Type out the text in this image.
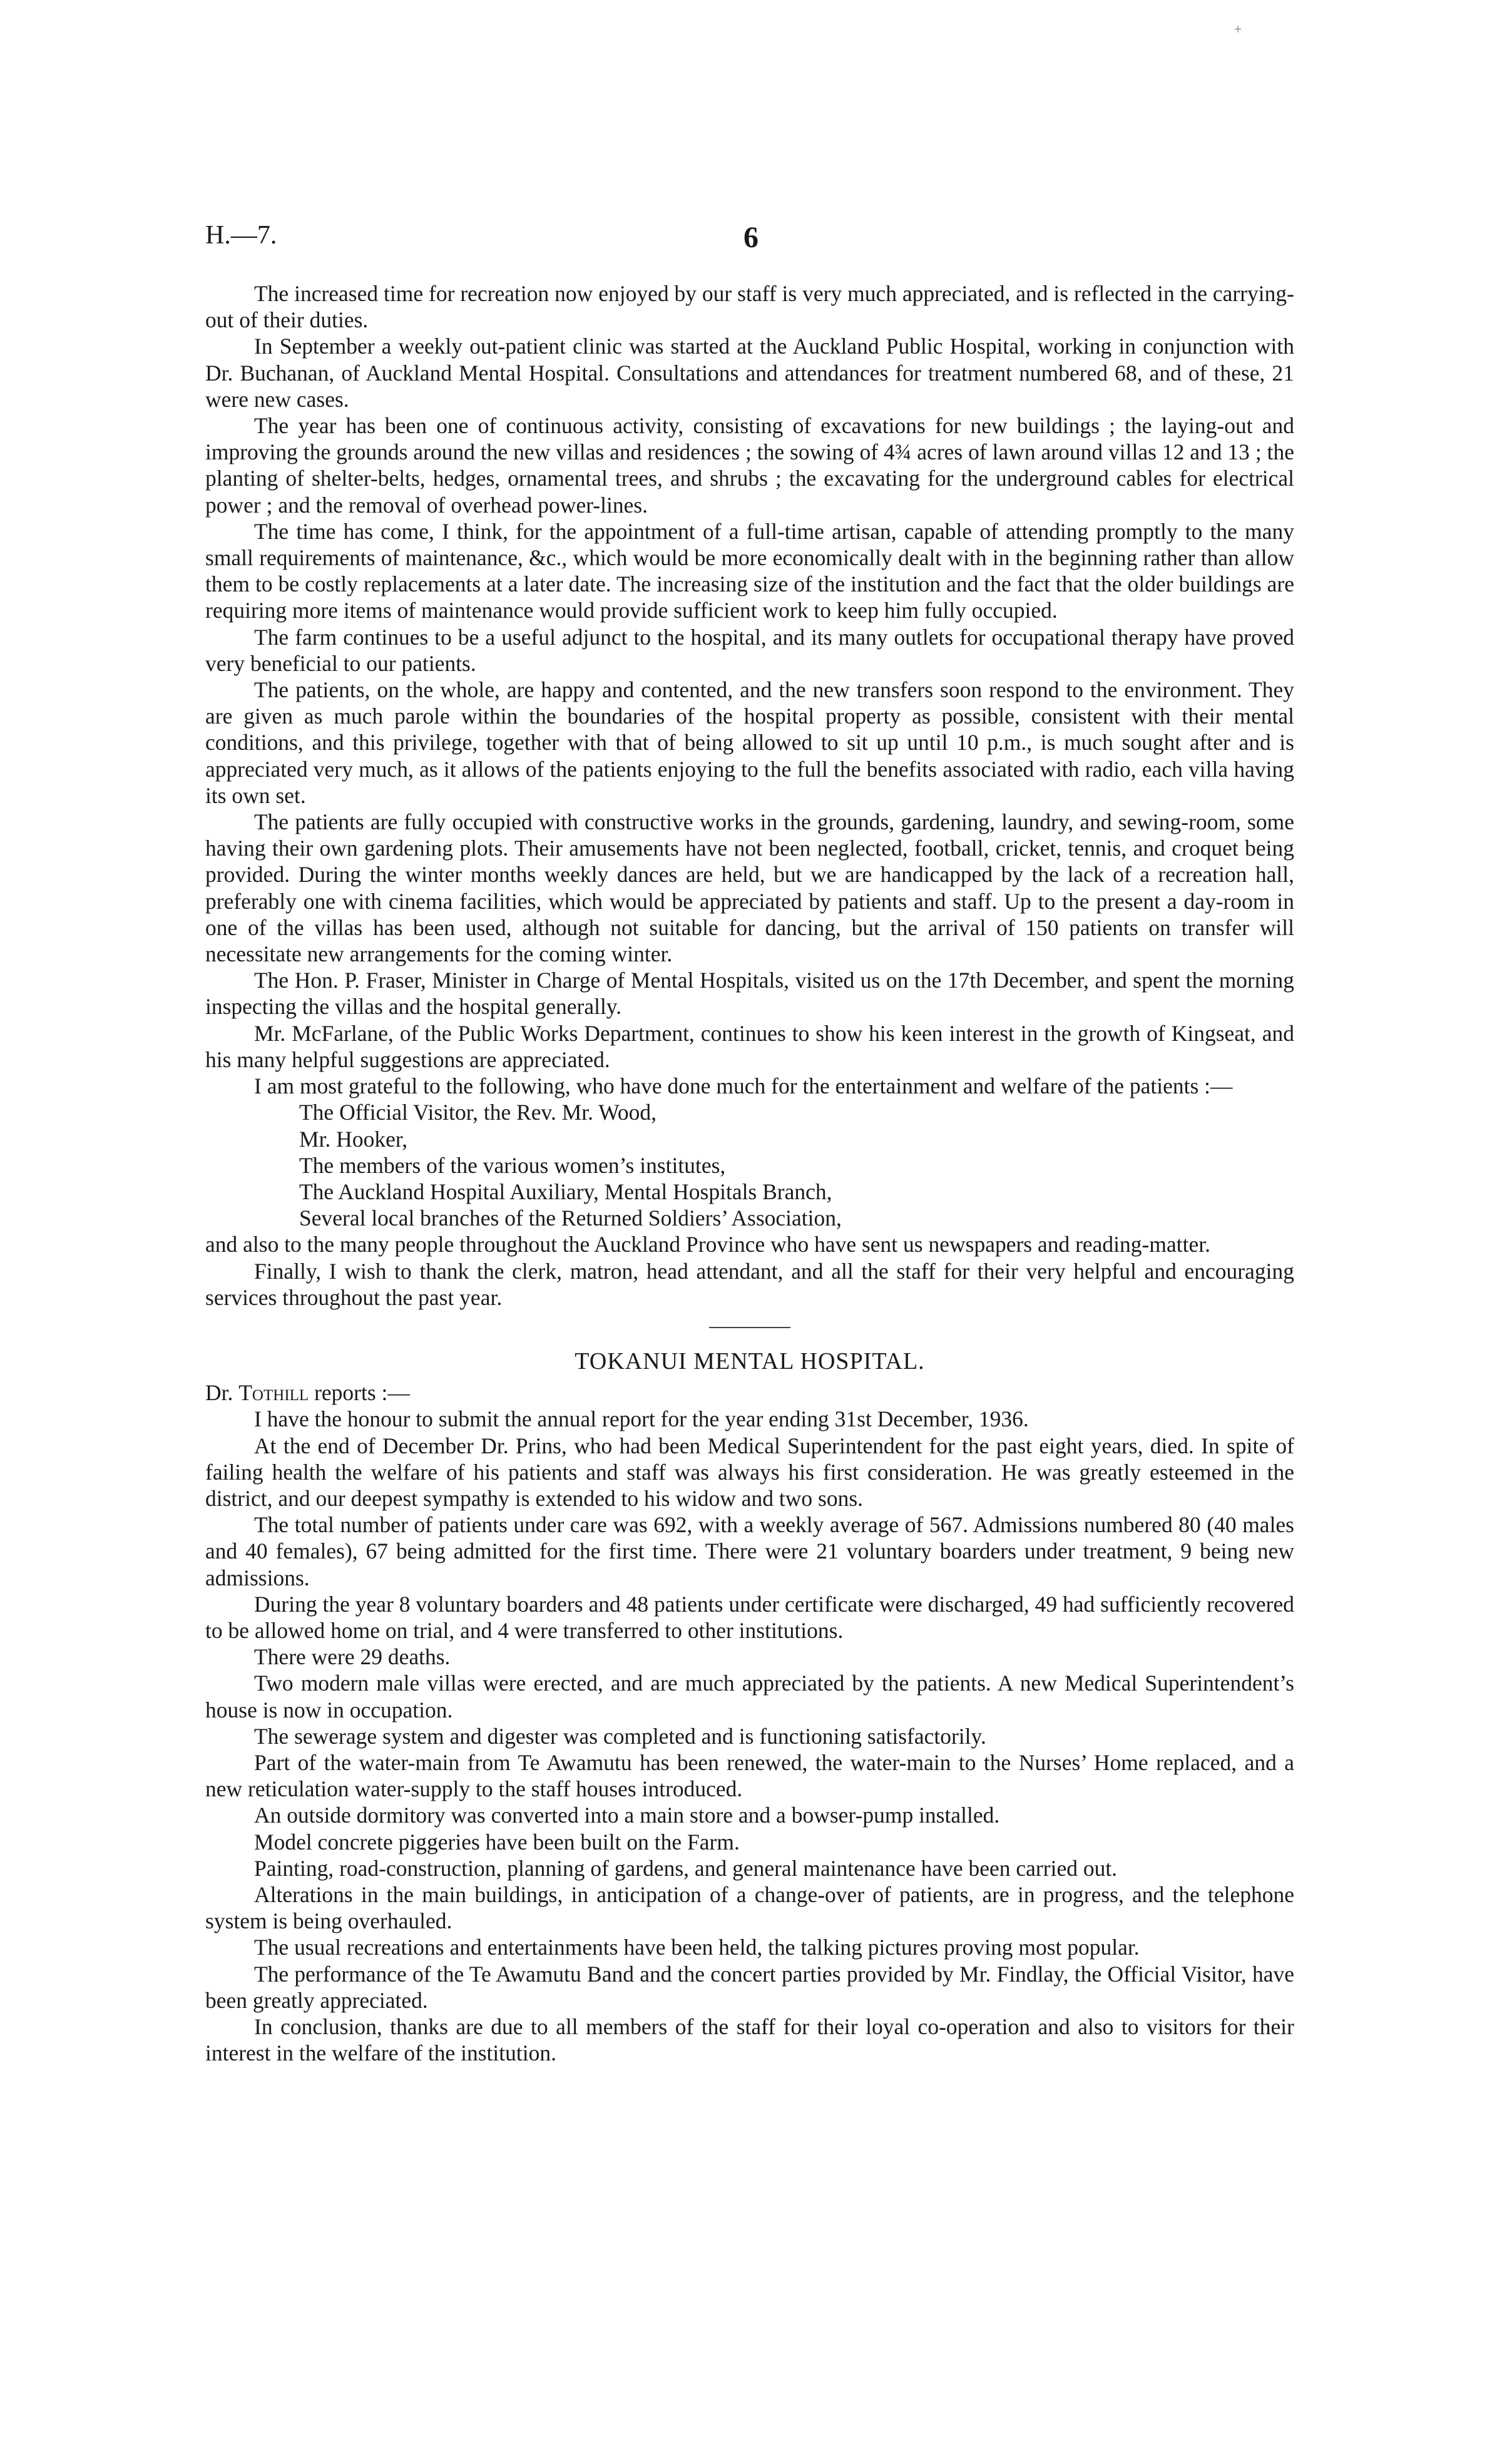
+
H.—7.	6

The increased time for recreation now enjoyed by our staff is very much appreciated, and is reflected in the carrying-out of their duties.

In September a weekly out-patient clinic was started at the Auckland Public Hospital, working in conjunction with Dr. Buchanan, of Auckland Mental Hospital. Consultations and attendances for treatment numbered 68, and of these, 21 were new cases.

The year has been one of continuous activity, consisting of excavations for new buildings ; the laying-out and improving the grounds around the new villas and residences ; the sowing of 4¾ acres of lawn around villas 12 and 13 ; the planting of shelter-belts, hedges, ornamental trees, and shrubs ; the excavating for the underground cables for electrical power ; and the removal of overhead power-lines.

The time has come, I think, for the appointment of a full-time artisan, capable of attending promptly to the many small requirements of maintenance, &c., which would be more economically dealt with in the beginning rather than allow them to be costly replacements at a later date. The increasing size of the institution and the fact that the older buildings are requiring more items of maintenance would provide sufficient work to keep him fully occupied.

The farm continues to be a useful adjunct to the hospital, and its many outlets for occupational therapy have proved very beneficial to our patients.

The patients, on the whole, are happy and contented, and the new transfers soon respond to the environment. They are given as much parole within the boundaries of the hospital property as possible, consistent with their mental conditions, and this privilege, together with that of being allowed to sit up until 10 p.m., is much sought after and is appreciated very much, as it allows of the patients enjoying to the full the benefits associated with radio, each villa having its own set.

The patients are fully occupied with constructive works in the grounds, gardening, laundry, and sewing-room, some having their own gardening plots. Their amusements have not been neglected, football, cricket, tennis, and croquet being provided. During the winter months weekly dances are held, but we are handicapped by the lack of a recreation hall, preferably one with cinema facilities, which would be appreciated by patients and staff. Up to the present a day-room in one of the villas has been used, although not suitable for dancing, but the arrival of 150 patients on transfer will necessitate new arrangements for the coming winter.

The Hon. P. Fraser, Minister in Charge of Mental Hospitals, visited us on the 17th December, and spent the morning inspecting the villas and the hospital generally.

Mr. McFarlane, of the Public Works Department, continues to show his keen interest in the growth of Kingseat, and his many helpful suggestions are appreciated.

I am most grateful to the following, who have done much for the entertainment and welfare of the patients :—

The Official Visitor, the Rev. Mr. Wood,
Mr. Hooker,
The members of the various women’s institutes,
The Auckland Hospital Auxiliary, Mental Hospitals Branch,
Several local branches of the Returned Soldiers’ Association,

and also to the many people throughout the Auckland Province who have sent us newspapers and reading-matter.

Finally, I wish to thank the clerk, matron, head attendant, and all the staff for their very helpful and encouraging services throughout the past year.

TOKANUI MENTAL HOSPITAL.

Dr. Tothill reports :—

I have the honour to submit the annual report for the year ending 31st December, 1936.

At the end of December Dr. Prins, who had been Medical Superintendent for the past eight years, died. In spite of failing health the welfare of his patients and staff was always his first consideration. He was greatly esteemed in the district, and our deepest sympathy is extended to his widow and two sons.

The total number of patients under care was 692, with a weekly average of 567. Admissions numbered 80 (40 males and 40 females), 67 being admitted for the first time. There were 21 voluntary boarders under treatment, 9 being new admissions.

During the year 8 voluntary boarders and 48 patients under certificate were discharged, 49 had sufficiently recovered to be allowed home on trial, and 4 were transferred to other institutions.

There were 29 deaths.

Two modern male villas were erected, and are much appreciated by the patients. A new Medical Superintendent’s house is now in occupation.

The sewerage system and digester was completed and is functioning satisfactorily.

Part of the water-main from Te Awamutu has been renewed, the water-main to the Nurses’ Home replaced, and a new reticulation water-supply to the staff houses introduced.

An outside dormitory was converted into a main store and a bowser-pump installed.

Model concrete piggeries have been built on the Farm.

Painting, road-construction, planning of gardens, and general maintenance have been carried out.

Alterations in the main buildings, in anticipation of a change-over of patients, are in progress, and the telephone system is being overhauled.

The usual recreations and entertainments have been held, the talking pictures proving most popular.

The performance of the Te Awamutu Band and the concert parties provided by Mr. Findlay, the Official Visitor, have been greatly appreciated.

In conclusion, thanks are due to all members of the staff for their loyal co-operation and also to visitors for their interest in the welfare of the institution.
